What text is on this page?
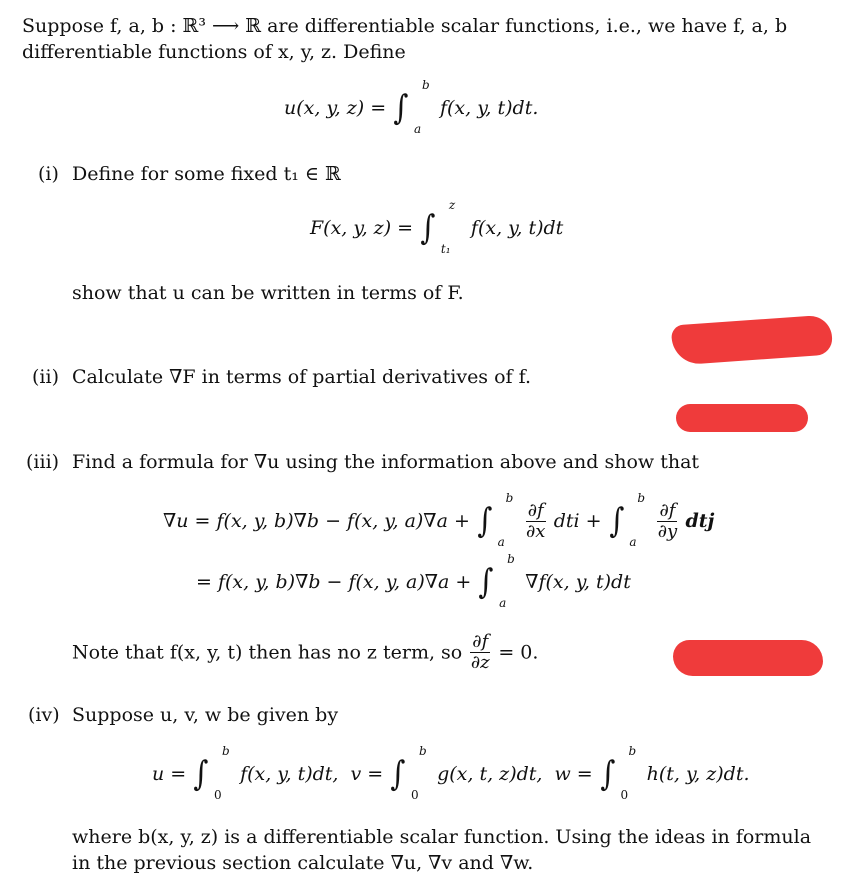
Suppose f, a, b : ℝ³ ⟶ ℝ are differentiable scalar functions, i.e., we have f, a, b
differentiable functions of x, y, z. Define
u(x, y, z) = ∫
b
a
f(x, y, t)dt.
(i) Define for some fixed t₁ ∈ ℝ
F(x, y, z) = ∫
z
t₁
f(x, y, t)dt
show that u can be written in terms of F.
(ii) Calculate ∇F in terms of partial derivatives of f.
(iii) Find a formula for ∇u using the information above and show that
∇u = f(x, y, b)∇b − f(x, y, a)∇a + ∫
b
a

$\frac{\partial f}{\partial x}$ dti + ∫
b
a

$\frac{\partial f}{\partial y}$ dtj
= f(x, y, b)∇b − f(x, y, a)∇a + ∫
b
a
∇f(x, y, t)dt
Note that f(x, y, t) then has no z term, so $\frac{\partial f}{\partial z} = 0$.
(iv) Suppose u, v, w be given by
u = ∫
b
0
f(x, y, t)dt, v = ∫
b
0
g(x, t, z)dt, w = ∫
b
0
h(t, y, z)dt.
where b(x, y, z) is a differentiable scalar function. Using the ideas in formula
in the previous section calculate ∇u, ∇v and ∇w.
